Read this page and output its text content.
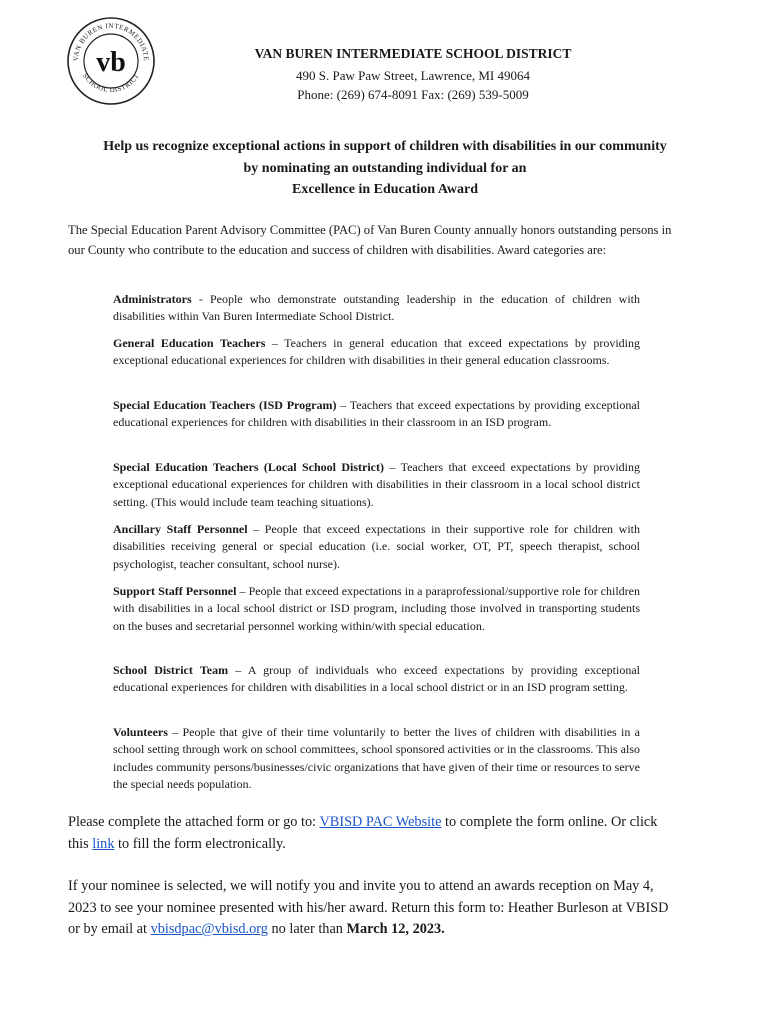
VAN BUREN INTERMEDIATE
SCHOOL DISTRICT
vb	VAN BUREN INTERMEDIATE SCHOOL DISTRICT
490 S. Paw Paw Street, Lawrence, MI 49064
Phone: (269) 674-8091 Fax: (269) 539-5009
Help us recognize exceptional actions in support of children with disabilities in our community
by nominating an outstanding individual for an
Excellence in Education Award

The Special Education Parent Advisory Committee (PAC) of Van Buren County annually honors outstanding persons in our County who contribute to the education and success of children with disabilities. Award categories are:

Administrators - People who demonstrate outstanding leadership in the education of children with disabilities within Van Buren Intermediate School District.

General Education Teachers – Teachers in general education that exceed expectations by providing exceptional educational experiences for children with disabilities in their general education classrooms.

Special Education Teachers (ISD Program) – Teachers that exceed expectations by providing exceptional educational experiences for children with disabilities in their classroom in an ISD program.

Special Education Teachers (Local School District) – Teachers that exceed expectations by providing exceptional educational experiences for children with disabilities in their classroom in a local school district setting. (This would include team teaching situations).

Ancillary Staff Personnel – People that exceed expectations in their supportive role for children with disabilities receiving general or special education (i.e. social worker, OT, PT, speech therapist, school psychologist, teacher consultant, school nurse).

Support Staff Personnel – People that exceed expectations in a paraprofessional/supportive role for children with disabilities in a local school district or ISD program, including those involved in transporting students on the buses and secretarial personnel working within/with special education.

School District Team – A group of individuals who exceed expectations by providing exceptional educational experiences for children with disabilities in a local school district or in an ISD program setting.

Volunteers – People that give of their time voluntarily to better the lives of children with disabilities in a school setting through work on school committees, school sponsored activities or in the classrooms. This also includes community persons/businesses/civic organizations that have given of their time or resources to serve the special needs population.

Please complete the attached form or go to: VBISD PAC Website to complete the form online. Or click this link to fill the form electronically.

If your nominee is selected, we will notify you and invite you to attend an awards reception on May 4, 2023 to see your nominee presented with his/her award. Return this form to: Heather Burleson at VBISD or by email at vbisdpac@vbisd.org no later than March 12, 2023.
